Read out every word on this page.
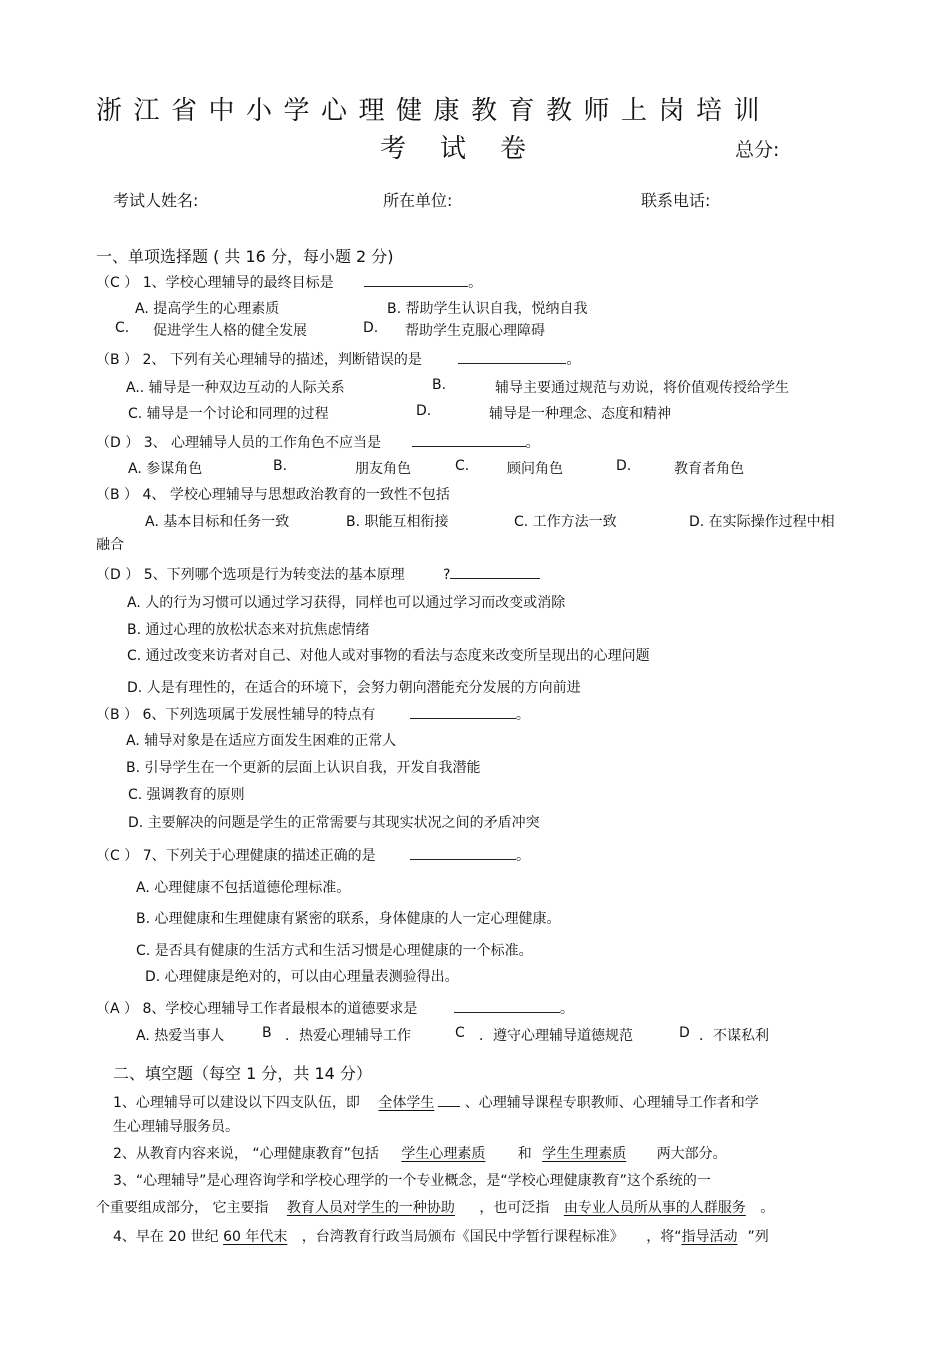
浙江省中小学心理健康教育教师上岗培训
考试卷	总分:
考试人姓名:	所在单位:	联系电话:
一、单项选择题 ( 共 16 分，每小题 2 分)
（C ） 1、学校心理辅导的最终目标是	。
A. 提高学生的心理素质	B. 帮助学生认识自我，悦纳自我
C. 促进学生人格的健全发展	D. 帮助学生克服心理障碍
（B ） 2、 下列有关心理辅导的描述，判断错误的是	。
A.. 辅导是一种双边互动的人际关系	B.	辅导主要通过规范与劝说，将价值观传授给学生
C. 辅导是一个讨论和同理的过程	D.	辅导是一种理念、态度和精神
（D ） 3、 心理辅导人员的工作角色不应当是	。
A. 参谋角色	B.	朋友角色	C.	顾问角色	D.	教育者角色
（B ） 4、 学校心理辅导与思想政治教育的一致性不包括
A. 基本目标和任务一致	B. 职能互相衔接	C. 工作方法一致	D. 在实际操作过程中相
融合
（D ） 5、下列哪个选项是行为转变法的基本原理	?
A. 人的行为习惯可以通过学习获得，同样也可以通过学习而改变或消除
B. 通过心理的放松状态来对抗焦虑情绪
C. 通过改变来访者对自己、对他人或对事物的看法与态度来改变所呈现出的心理问题
D. 人是有理性的，在适合的环境下，会努力朝向潜能充分发展的方向前进
（B ） 6、下列选项属于发展性辅导的特点有	。
A. 辅导对象是在适应方面发生困难的正常人
B. 引导学生在一个更新的层面上认识自我，开发自我潜能
C. 强调教育的原则
D. 主要解决的问题是学生的正常需要与其现实状况之间的矛盾冲突
（C ） 7、下列关于心理健康的描述正确的是	。
A. 心理健康不包括道德伦理标准。
B. 心理健康和生理健康有紧密的联系，身体健康的人一定心理健康。
C. 是否具有健康的生活方式和生活习惯是心理健康的一个标准。
D. 心理健康是绝对的，可以由心理量表测验得出。
（A ） 8、学校心理辅导工作者最根本的道德要求是	。
A. 热爱当事人	B ．热爱心理辅导工作	C ．遵守心理辅导道德规范	D ．不谋私利
二、填空题（每空 1 分，共 14 分）
1、心理辅导可以建设以下四支队伍，即 全体学生 、心理辅导课程专职教师、心理辅导工作者和学
生心理辅导服务员。
2、从教育内容来说， “心理健康教育”包括 学生心理素质 和 学生生理素质 两大部分。
3、“心理辅导”是心理咨询学和学校心理学的一个专业概念，是“学校心理健康教育”这个系统的一
个重要组成部分， 它主要指 教育人员对学生的一种协助 ，也可泛指 由专业人员所从事的人群服务 。
4、早在 20 世纪 60 年代末 ，台湾教育行政当局颁布《国民中学暂行课程标准》 ，将“指导活动 ”列
